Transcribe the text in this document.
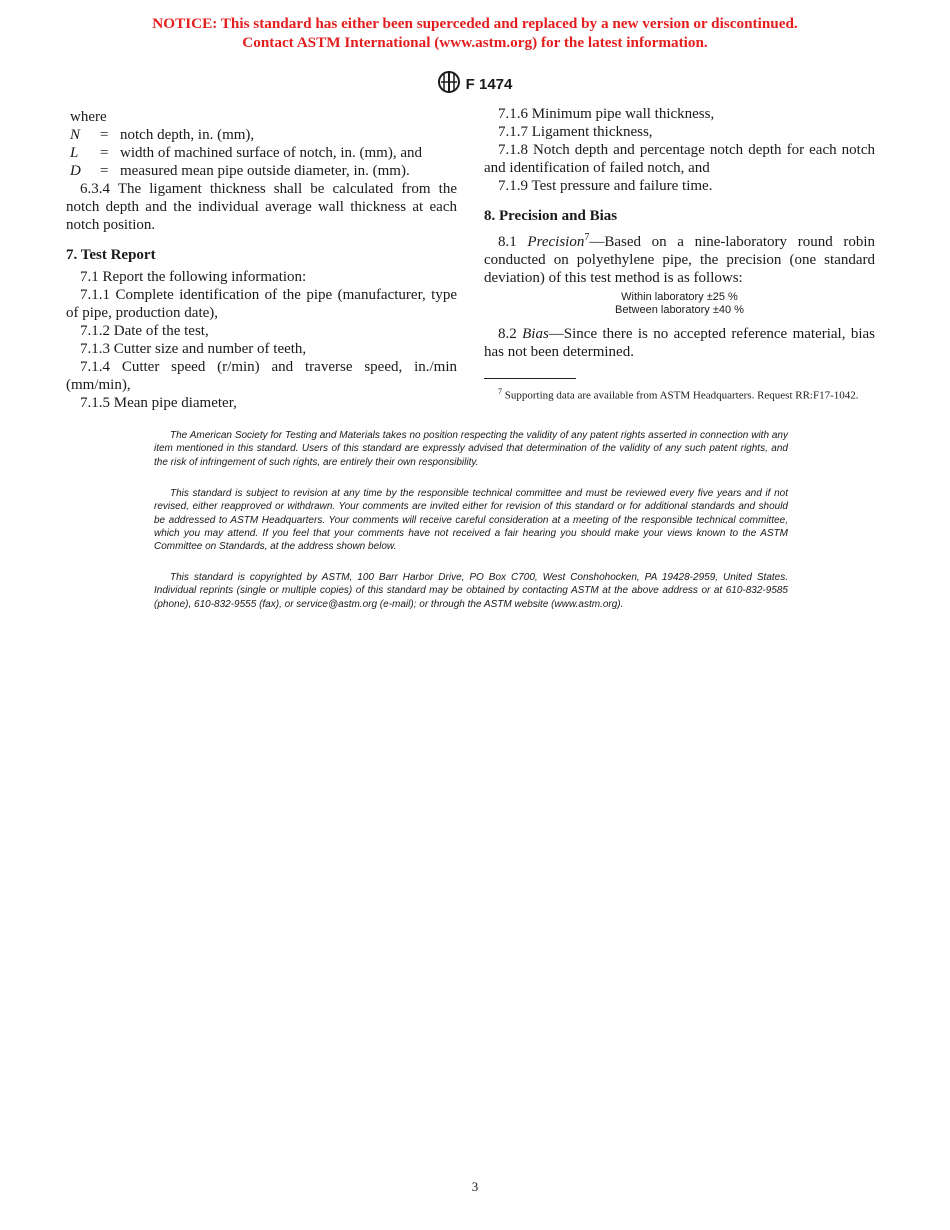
NOTICE: This standard has either been superceded and replaced by a new version or discontinued.
Contact ASTM International (www.astm.org) for the latest information.
F 1474

where

N	= notch depth, in. (mm),
L	= width of machined surface of notch, in. (mm), and
D	= measured mean pipe outside diameter, in. (mm).

6.3.4 The ligament thickness shall be calculated from the notch depth and the individual average wall thickness at each notch position.

7. Test Report

7.1 Report the following information:

7.1.1 Complete identification of the pipe (manufacturer, type of pipe, production date),

7.1.2 Date of the test,

7.1.3 Cutter size and number of teeth,

7.1.4 Cutter speed (r/min) and traverse speed, in./min (mm/min),

7.1.5 Mean pipe diameter,

7.1.6 Minimum pipe wall thickness,

7.1.7 Ligament thickness,

7.1.8 Notch depth and percentage notch depth for each notch and identification of failed notch, and

7.1.9 Test pressure and failure time.

8. Precision and Bias

8.1 Precision$^7$—Based on a nine-laboratory round robin conducted on polyethylene pipe, the precision (one standard deviation) of this test method is as follows:

Within laboratory ±25 %
Between laboratory ±40 %

8.2 Bias—Since there is no accepted reference material, bias has not been determined.

$^7$ Supporting data are available from ASTM Headquarters. Request RR:F17-1042.

The American Society for Testing and Materials takes no position respecting the validity of any patent rights asserted in connection with any item mentioned in this standard. Users of this standard are expressly advised that determination of the validity of any such patent rights, and the risk of infringement of such rights, are entirely their own responsibility.

This standard is subject to revision at any time by the responsible technical committee and must be reviewed every five years and if not revised, either reapproved or withdrawn. Your comments are invited either for revision of this standard or for additional standards and should be addressed to ASTM Headquarters. Your comments will receive careful consideration at a meeting of the responsible technical committee, which you may attend. If you feel that your comments have not received a fair hearing you should make your views known to the ASTM Committee on Standards, at the address shown below.

This standard is copyrighted by ASTM, 100 Barr Harbor Drive, PO Box C700, West Conshohocken, PA 19428-2959, United States. Individual reprints (single or multiple copies) of this standard may be obtained by contacting ASTM at the above address or at 610-832-9585 (phone), 610-832-9555 (fax), or service@astm.org (e-mail); or through the ASTM website (www.astm.org).

3
